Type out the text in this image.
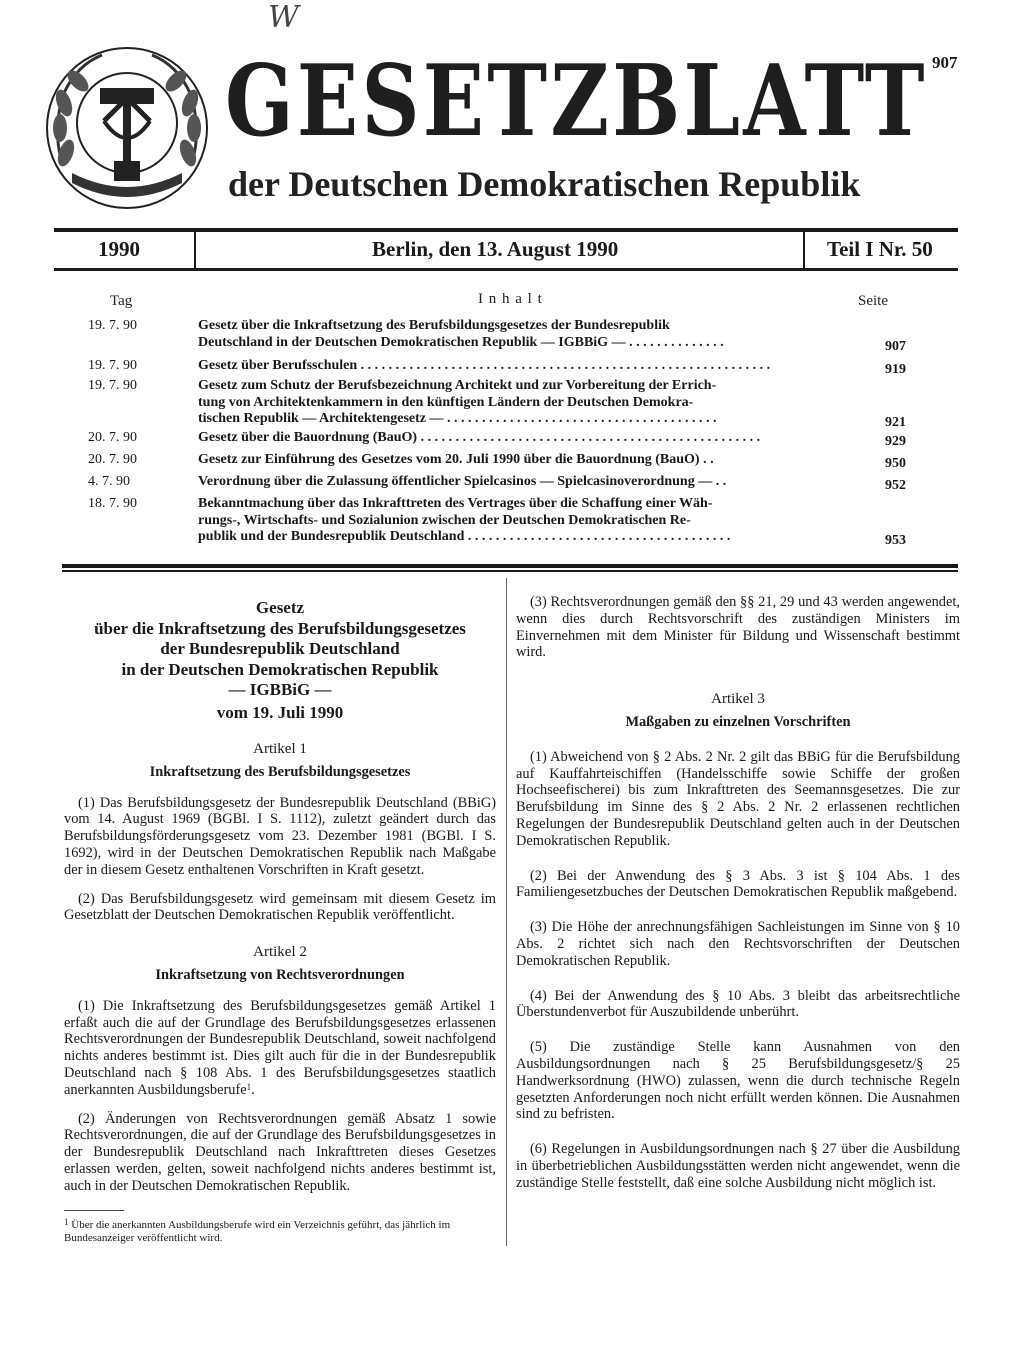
W
GESETZBLATT
der Deutschen Demokratischen Republik
907
1990	Berlin, den 13. August 1990	Teil I Nr. 50
Tag	I n h a l t	Seite
19. 7. 90	Gesetz über die Inkraftsetzung des Berufsbildungsgesetzes der Bundesrepublik
Deutschland in der Deutschen Demokratischen Republik — IGBBiG — . . . . . . . . . . . . . .	907
19. 7. 90	Gesetz über Berufsschulen . . . . . . . . . . . . . . . . . . . . . . . . . . . . . . . . . . . . . . . . . . . . . . . . . . . . . . . . . . .	919
19. 7. 90	Gesetz zum Schutz der Berufsbezeichnung Architekt und zur Vorbereitung der Errich-
tung von Architektenkammern in den künftigen Ländern der Deutschen Demokra-
tischen Republik — Architektengesetz — . . . . . . . . . . . . . . . . . . . . . . . . . . . . . . . . . . . . . . .	921
20. 7. 90	Gesetz über die Bauordnung (BauO) . . . . . . . . . . . . . . . . . . . . . . . . . . . . . . . . . . . . . . . . . . . . . . . . .	929
20. 7. 90	Gesetz zur Einführung des Gesetzes vom 20. Juli 1990 über die Bauordnung (BauO) . .	950
4. 7. 90	Verordnung über die Zulassung öffentlicher Spielcasinos — Spielcasinoverordnung — . .	952
18. 7. 90	Bekanntmachung über das Inkrafttreten des Vertrages über die Schaffung einer Wäh-
rungs-, Wirtschafts- und Sozialunion zwischen der Deutschen Demokratischen Re-
publik und der Bundesrepublik Deutschland . . . . . . . . . . . . . . . . . . . . . . . . . . . . . . . . . . . . . .	953
Gesetz
über die Inkraftsetzung des Berufsbildungsgesetzes
der Bundesrepublik Deutschland
in der Deutschen Demokratischen Republik
— IGBBiG —
vom 19. Juli 1990
Artikel 1
Inkraftsetzung des Berufsbildungsgesetzes

(1) Das Berufsbildungsgesetz der Bundesrepublik Deutschland (BBiG) vom 14. August 1969 (BGBl. I S. 1112), zuletzt geändert durch das Berufsbildungsförderungsgesetz vom 23. Dezember 1981 (BGBl. I S. 1692), wird in der Deutschen Demokratischen Republik nach Maßgabe der in diesem Gesetz enthaltenen Vorschriften in Kraft gesetzt.

(2) Das Berufsbildungsgesetz wird gemeinsam mit diesem Gesetz im Gesetzblatt der Deutschen Demokratischen Republik veröffentlicht.

Artikel 2
Inkraftsetzung von Rechtsverordnungen

(1) Die Inkraftsetzung des Berufsbildungsgesetzes gemäß Artikel 1 erfaßt auch die auf der Grundlage des Berufsbildungsgesetzes erlassenen Rechtsverordnungen der Bundesrepublik Deutschland, soweit nachfolgend nichts anderes bestimmt ist. Dies gilt auch für die in der Bundesrepublik Deutschland nach § 108 Abs. 1 des Berufsbildungsgesetzes staatlich anerkannten Ausbildungsberufe$^1$.

(2) Änderungen von Rechtsverordnungen gemäß Absatz 1 sowie Rechtsverordnungen, die auf der Grundlage des Berufsbildungsgesetzes in der Bundesrepublik Deutschland nach Inkrafttreten dieses Gesetzes erlassen werden, gelten, soweit nachfolgend nichts anderes bestimmt ist, auch in der Deutschen Demokratischen Republik.

$^1$ Über die anerkannten Ausbildungsberufe wird ein Verzeichnis geführt, das jährlich im Bundesanzeiger veröffentlicht wird.

(3) Rechtsverordnungen gemäß den §§ 21, 29 und 43 werden angewendet, wenn dies durch Rechtsvorschrift des zuständigen Ministers im Einvernehmen mit dem Minister für Bildung und Wissenschaft bestimmt wird.

Artikel 3
Maßgaben zu einzelnen Vorschriften

(1) Abweichend von § 2 Abs. 2 Nr. 2 gilt das BBiG für die Berufsbildung auf Kauffahrteischiffen (Handelsschiffe sowie Schiffe der großen Hochseefischerei) bis zum Inkrafttreten des Seemannsgesetzes. Die zur Berufsbildung im Sinne des § 2 Abs. 2 Nr. 2 erlassenen rechtlichen Regelungen der Bundesrepublik Deutschland gelten auch in der Deutschen Demokratischen Republik.

(2) Bei der Anwendung des § 3 Abs. 3 ist § 104 Abs. 1 des Familiengesetzbuches der Deutschen Demokratischen Republik maßgebend.

(3) Die Höhe der anrechnungsfähigen Sachleistungen im Sinne von § 10 Abs. 2 richtet sich nach den Rechtsvorschriften der Deutschen Demokratischen Republik.

(4) Bei der Anwendung des § 10 Abs. 3 bleibt das arbeitsrechtliche Überstundenverbot für Auszubildende unberührt.

(5) Die zuständige Stelle kann Ausnahmen von den Ausbildungsordnungen nach § 25 Berufsbildungsgesetz/§ 25 Handwerksordnung (HWO) zulassen, wenn die durch technische Regeln gesetzten Anforderungen noch nicht erfüllt werden können. Die Ausnahmen sind zu befristen.

(6) Regelungen in Ausbildungsordnungen nach § 27 über die Ausbildung in überbetrieblichen Ausbildungsstätten werden nicht angewendet, wenn die zuständige Stelle feststellt, daß eine solche Ausbildung nicht möglich ist.
